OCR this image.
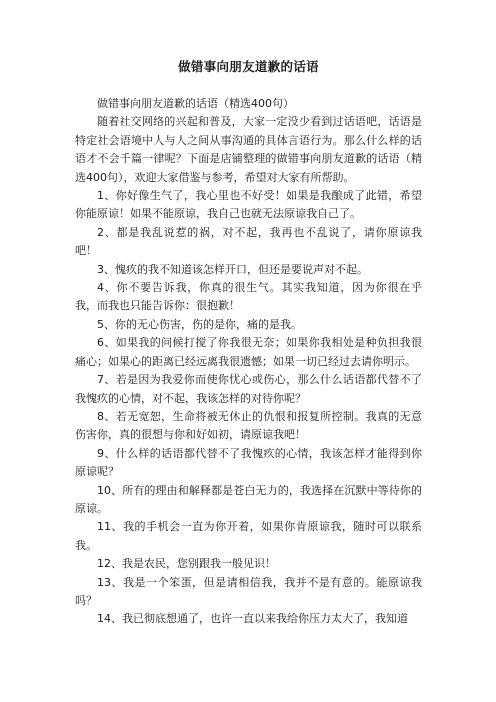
做错事向朋友道歉的话语

做错事向朋友道歉的话语（精选400句）

随着社交网络的兴起和普及，大家一定没少看到过话语吧，话语是特定社会语境中人与人之间从事沟通的具体言语行为。那么什么样的话语才不会千篇一律呢？下面是店铺整理的做错事向朋友道歉的话语（精选400句），欢迎大家借鉴与参考，希望对大家有所帮助。

1、你好像生气了，我心里也不好受！如果是我酿成了此错，希望你能原谅！如果不能原谅，我自己也就无法原谅我自己了。

2、都是我乱说惹的祸，对不起，我再也不乱说了，请你原谅我吧！

3、愧疚的我不知道该怎样开口，但还是要说声对不起。

4、你不要告诉我，你真的很生气。其实我知道，因为你很在乎我，而我也只能告诉你：很抱歉！

5、你的无心伤害，伤的是你，痛的是我。

6、如果我的问候打搅了你我很无奈；如果你我相处是种负担我很痛心；如果心的距离已经远离我很遗憾；如果一切已经过去请你明示。

7、若是因为我爱你而使你忧心或伤心，那么什么话语都代替不了我愧疚的心情，对不起，我该怎样的对待你呢？

8、若无宽恕，生命将被无休止的仇恨和报复所控制。我真的无意伤害你，真的很想与你和好如初，请原谅我吧！

9、什么样的话语都代替不了我愧疚的心情，我该怎样才能得到你原谅呢？

10、所有的理由和解释都是苍白无力的，我选择在沉默中等待你的原谅。

11、我的手机会一直为你开着，如果你肯原谅我，随时可以联系我。

12、我是农民，您别跟我一般见识！

13、我是一个笨蛋，但是请相信我，我并不是有意的。能原谅我吗？

14、我已彻底想通了，也许一直以来我给你压力太大了，我知道
